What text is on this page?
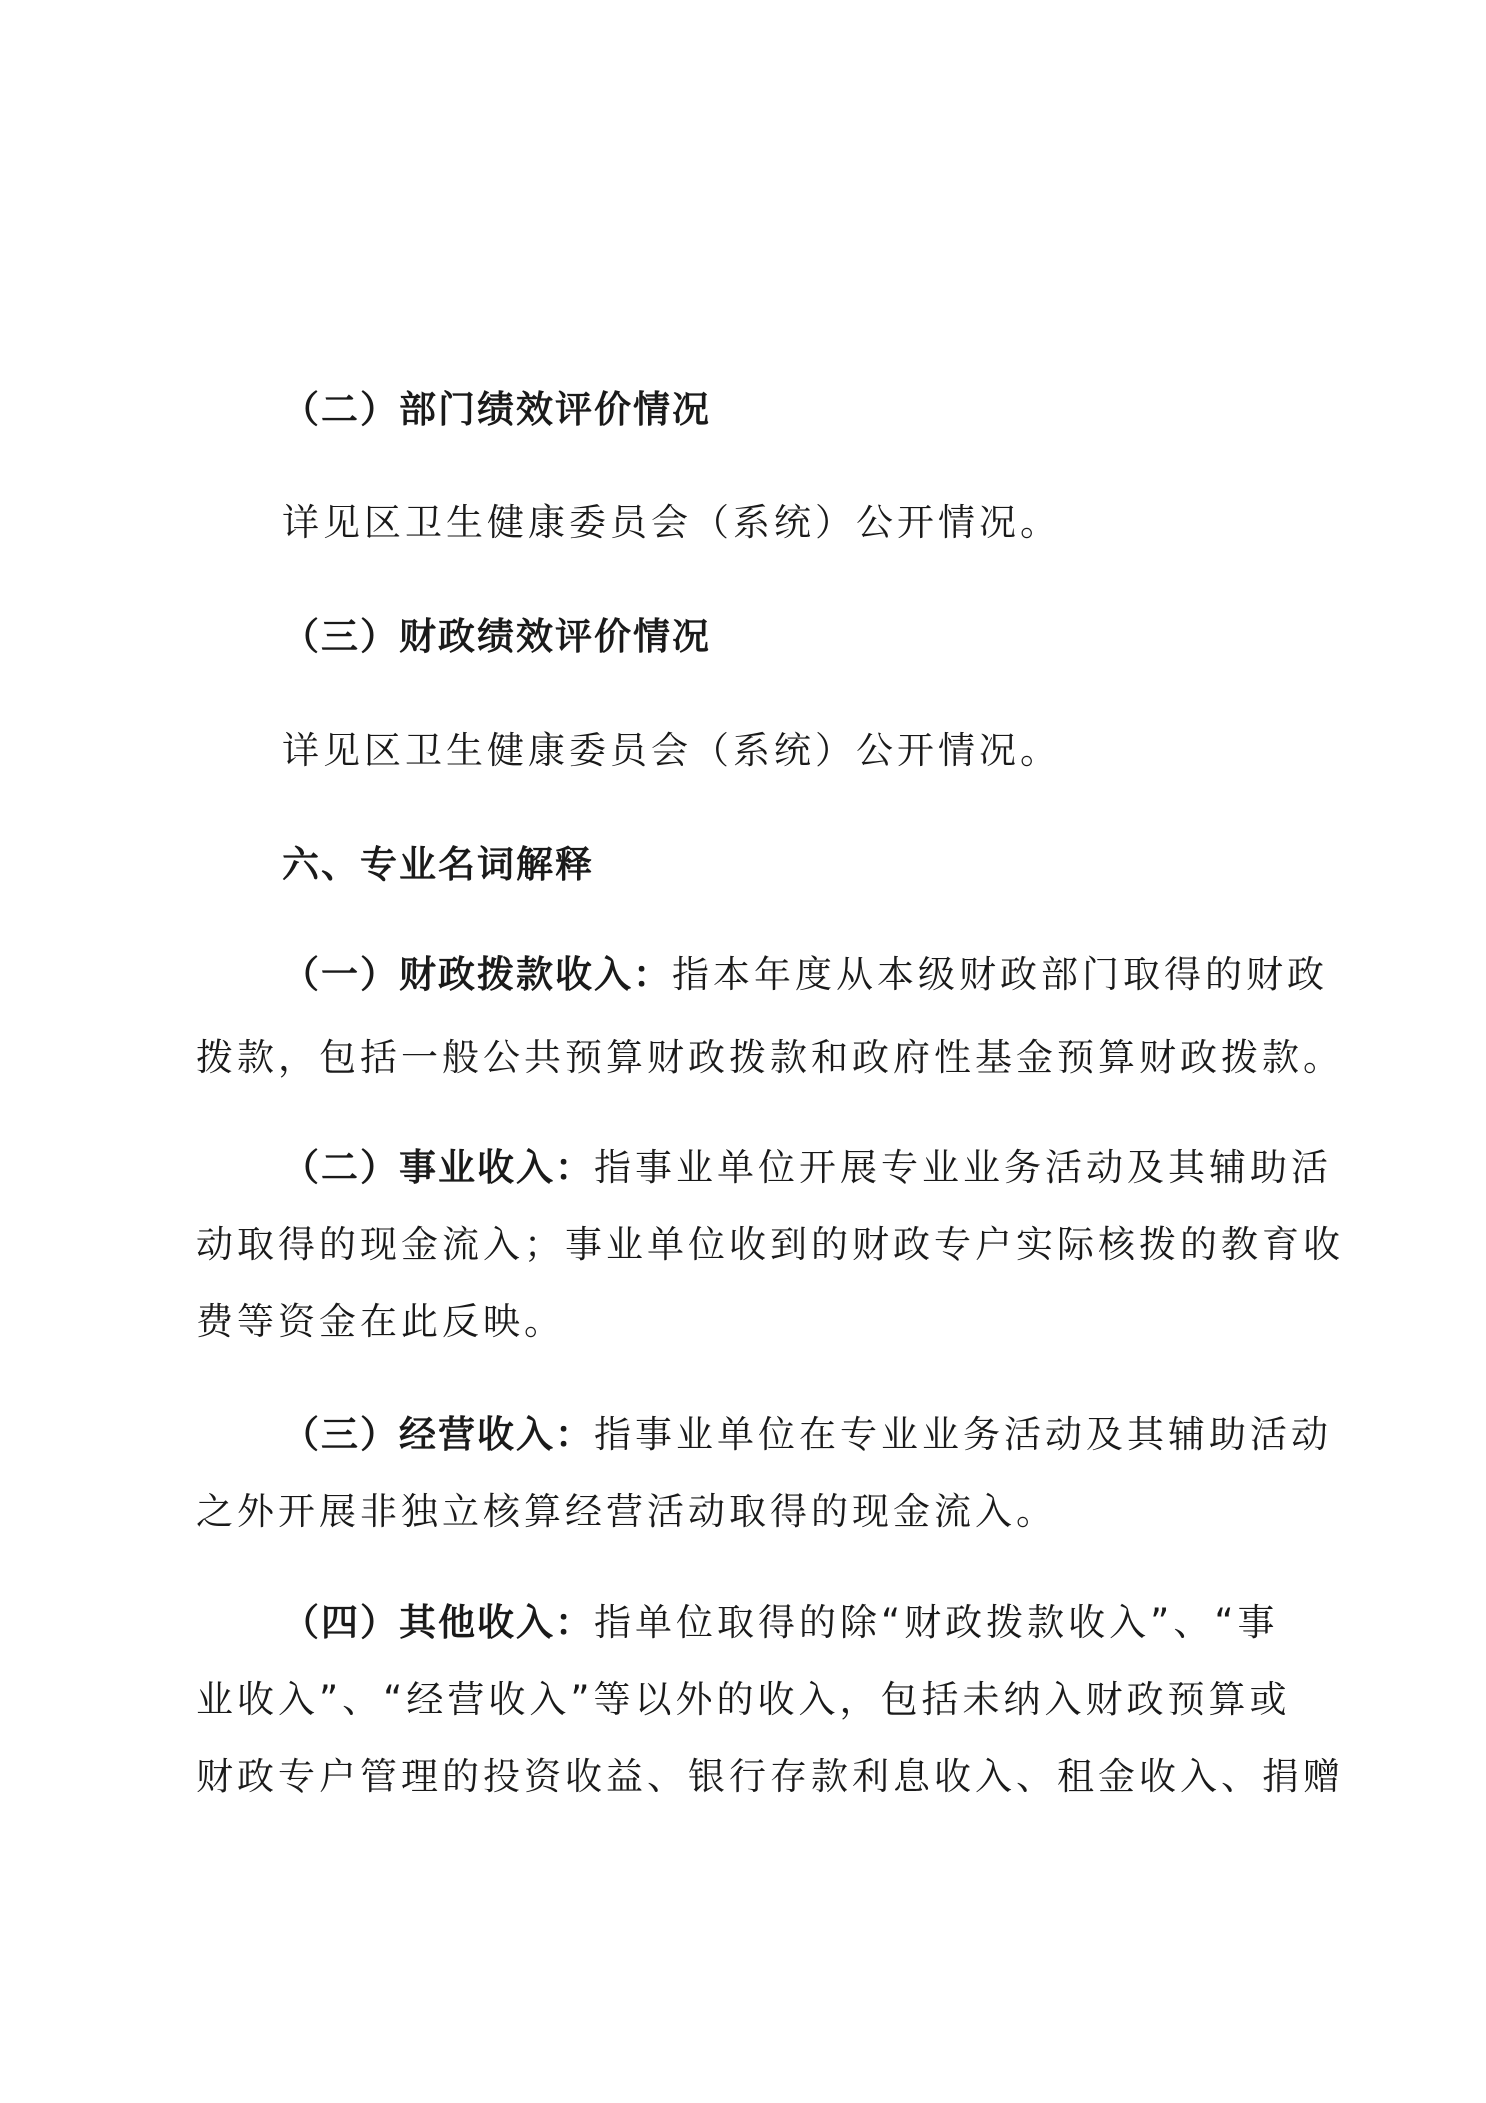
（二）部门绩效评价情况
详见区卫生健康委员会（系统）公开情况。
（三）财政绩效评价情况
详见区卫生健康委员会（系统）公开情况。
六、专业名词解释
（一）财政拨款收入：指本年度从本级财政部门取得的财政
拨款，包括一般公共预算财政拨款和政府性基金预算财政拨款。
（二）事业收入：指事业单位开展专业业务活动及其辅助活
动取得的现金流入；事业单位收到的财政专户实际核拨的教育收
费等资金在此反映。
（三）经营收入：指事业单位在专业业务活动及其辅助活动
之外开展非独立核算经营活动取得的现金流入。
（四）其他收入：指单位取得的除“财政拨款收入”、“事
业收入”、“经营收入”等以外的收入，包括未纳入财政预算或
财政专户管理的投资收益、银行存款利息收入、租金收入、捐赠
